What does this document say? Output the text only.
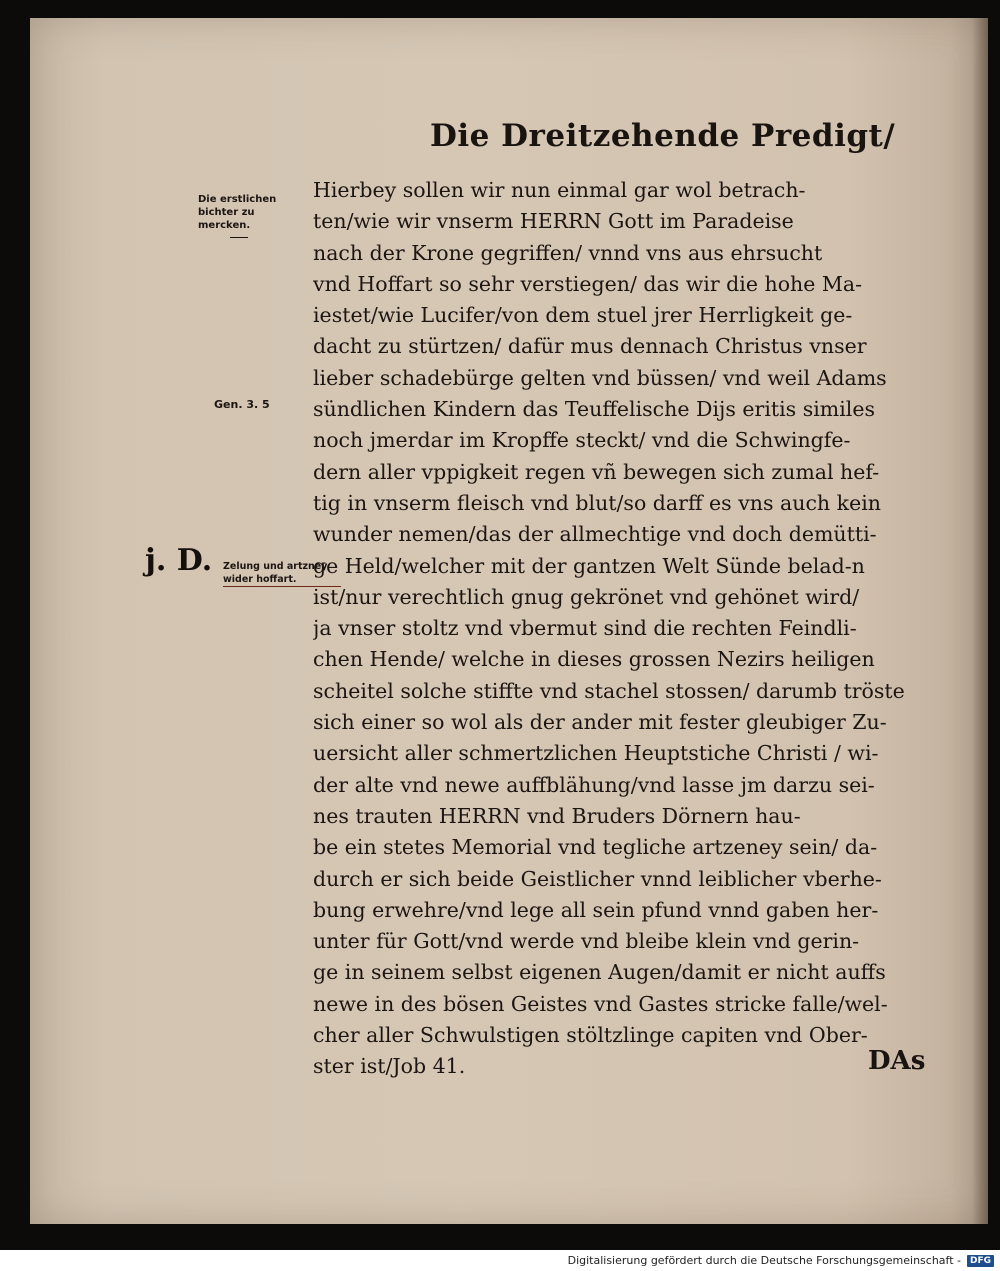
Die Dreitzehende Predigt/
Die erstlichen bichter zu mercken.
Gen. 3. 5
Zelung und artzney wider hoffart.
j. D.
Hierbey sollen wir nun einmal gar wol betrach-
ten/wie wir vnserm HERRN Gott im Paradeise
nach der Krone gegriffen/ vnnd vns aus ehrsucht
vnd Hoffart so sehr verstiegen/ das wir die hohe Ma-
iestet/wie Lucifer/von dem stuel jrer Herrligkeit ge-
dacht zu stürtzen/ dafür mus dennach Christus vnser
lieber schadebürge gelten vnd büssen/ vnd weil Adams
sündlichen Kindern das Teuffelische Dijs eritis similes
noch jmerdar im Kropffe steckt/ vnd die Schwingfe-
dern aller vppigkeit regen vñ bewegen sich zumal hef-
tig in vnserm fleisch vnd blut/so darff es vns auch kein
wunder nemen/das der allmechtige vnd doch demütti-
ge Held/welcher mit der gantzen Welt Sünde belad-n
ist/nur verechtlich gnug gekrönet vnd gehönet wird/
ja vnser stoltz vnd vbermut sind die rechten Feindli-
chen Hende/ welche in dieses grossen Nezirs heiligen
scheitel solche stiffte vnd stachel stossen/ darumb tröste
sich einer so wol als der ander mit fester gleubiger Zu-
uersicht aller schmertzlichen Heuptstiche Christi / wi-
der alte vnd newe auffblähung/vnd lasse jm darzu sei-
nes trauten HERRN vnd Bruders Dörnern hau-
be ein stetes Memorial vnd tegliche artzeney sein/ da-
durch er sich beide Geistlicher vnnd leiblicher vberhe-
bung erwehre/vnd lege all sein pfund vnnd gaben her-
unter für Gott/vnd werde vnd bleibe klein vnd gerin-
ge in seinem selbst eigenen Augen/damit er nicht auffs
newe in des bösen Geistes vnd Gastes stricke falle/wel-
cher aller Schwulstigen stöltzlinge capiten vnd Ober-
ster ist/Job 41.	DAs
Digitalisierung gefördert durch die Deutsche Forschungsgemeinschaft -	DFG
